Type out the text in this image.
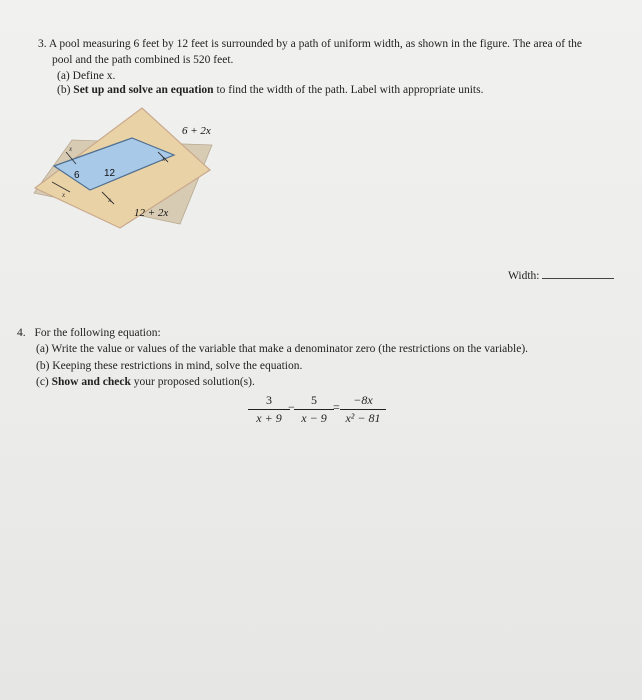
3. A pool measuring 6 feet by 12 feet is surrounded by a path of uniform width, as shown in the figure. The area of the
pool and the path combined is 520 feet.
(a) Define x.
(b) Set up and solve an equation to find the width of the path. Label with appropriate units.
x
x
x
x
6 12
6 + 2x
12 + 2x
Width:
4. For the following equation:
(a) Write the value or values of the variable that make a denominator zero (the restrictions on the variable).
(b) Keeping these restrictions in mind, solve the equation.
(c) Show and check your proposed solution(s).
$\frac{3}{x + 9}$
− $\frac{5}{x - 9} = \frac{-8x}{\text{x² − 81}}$
